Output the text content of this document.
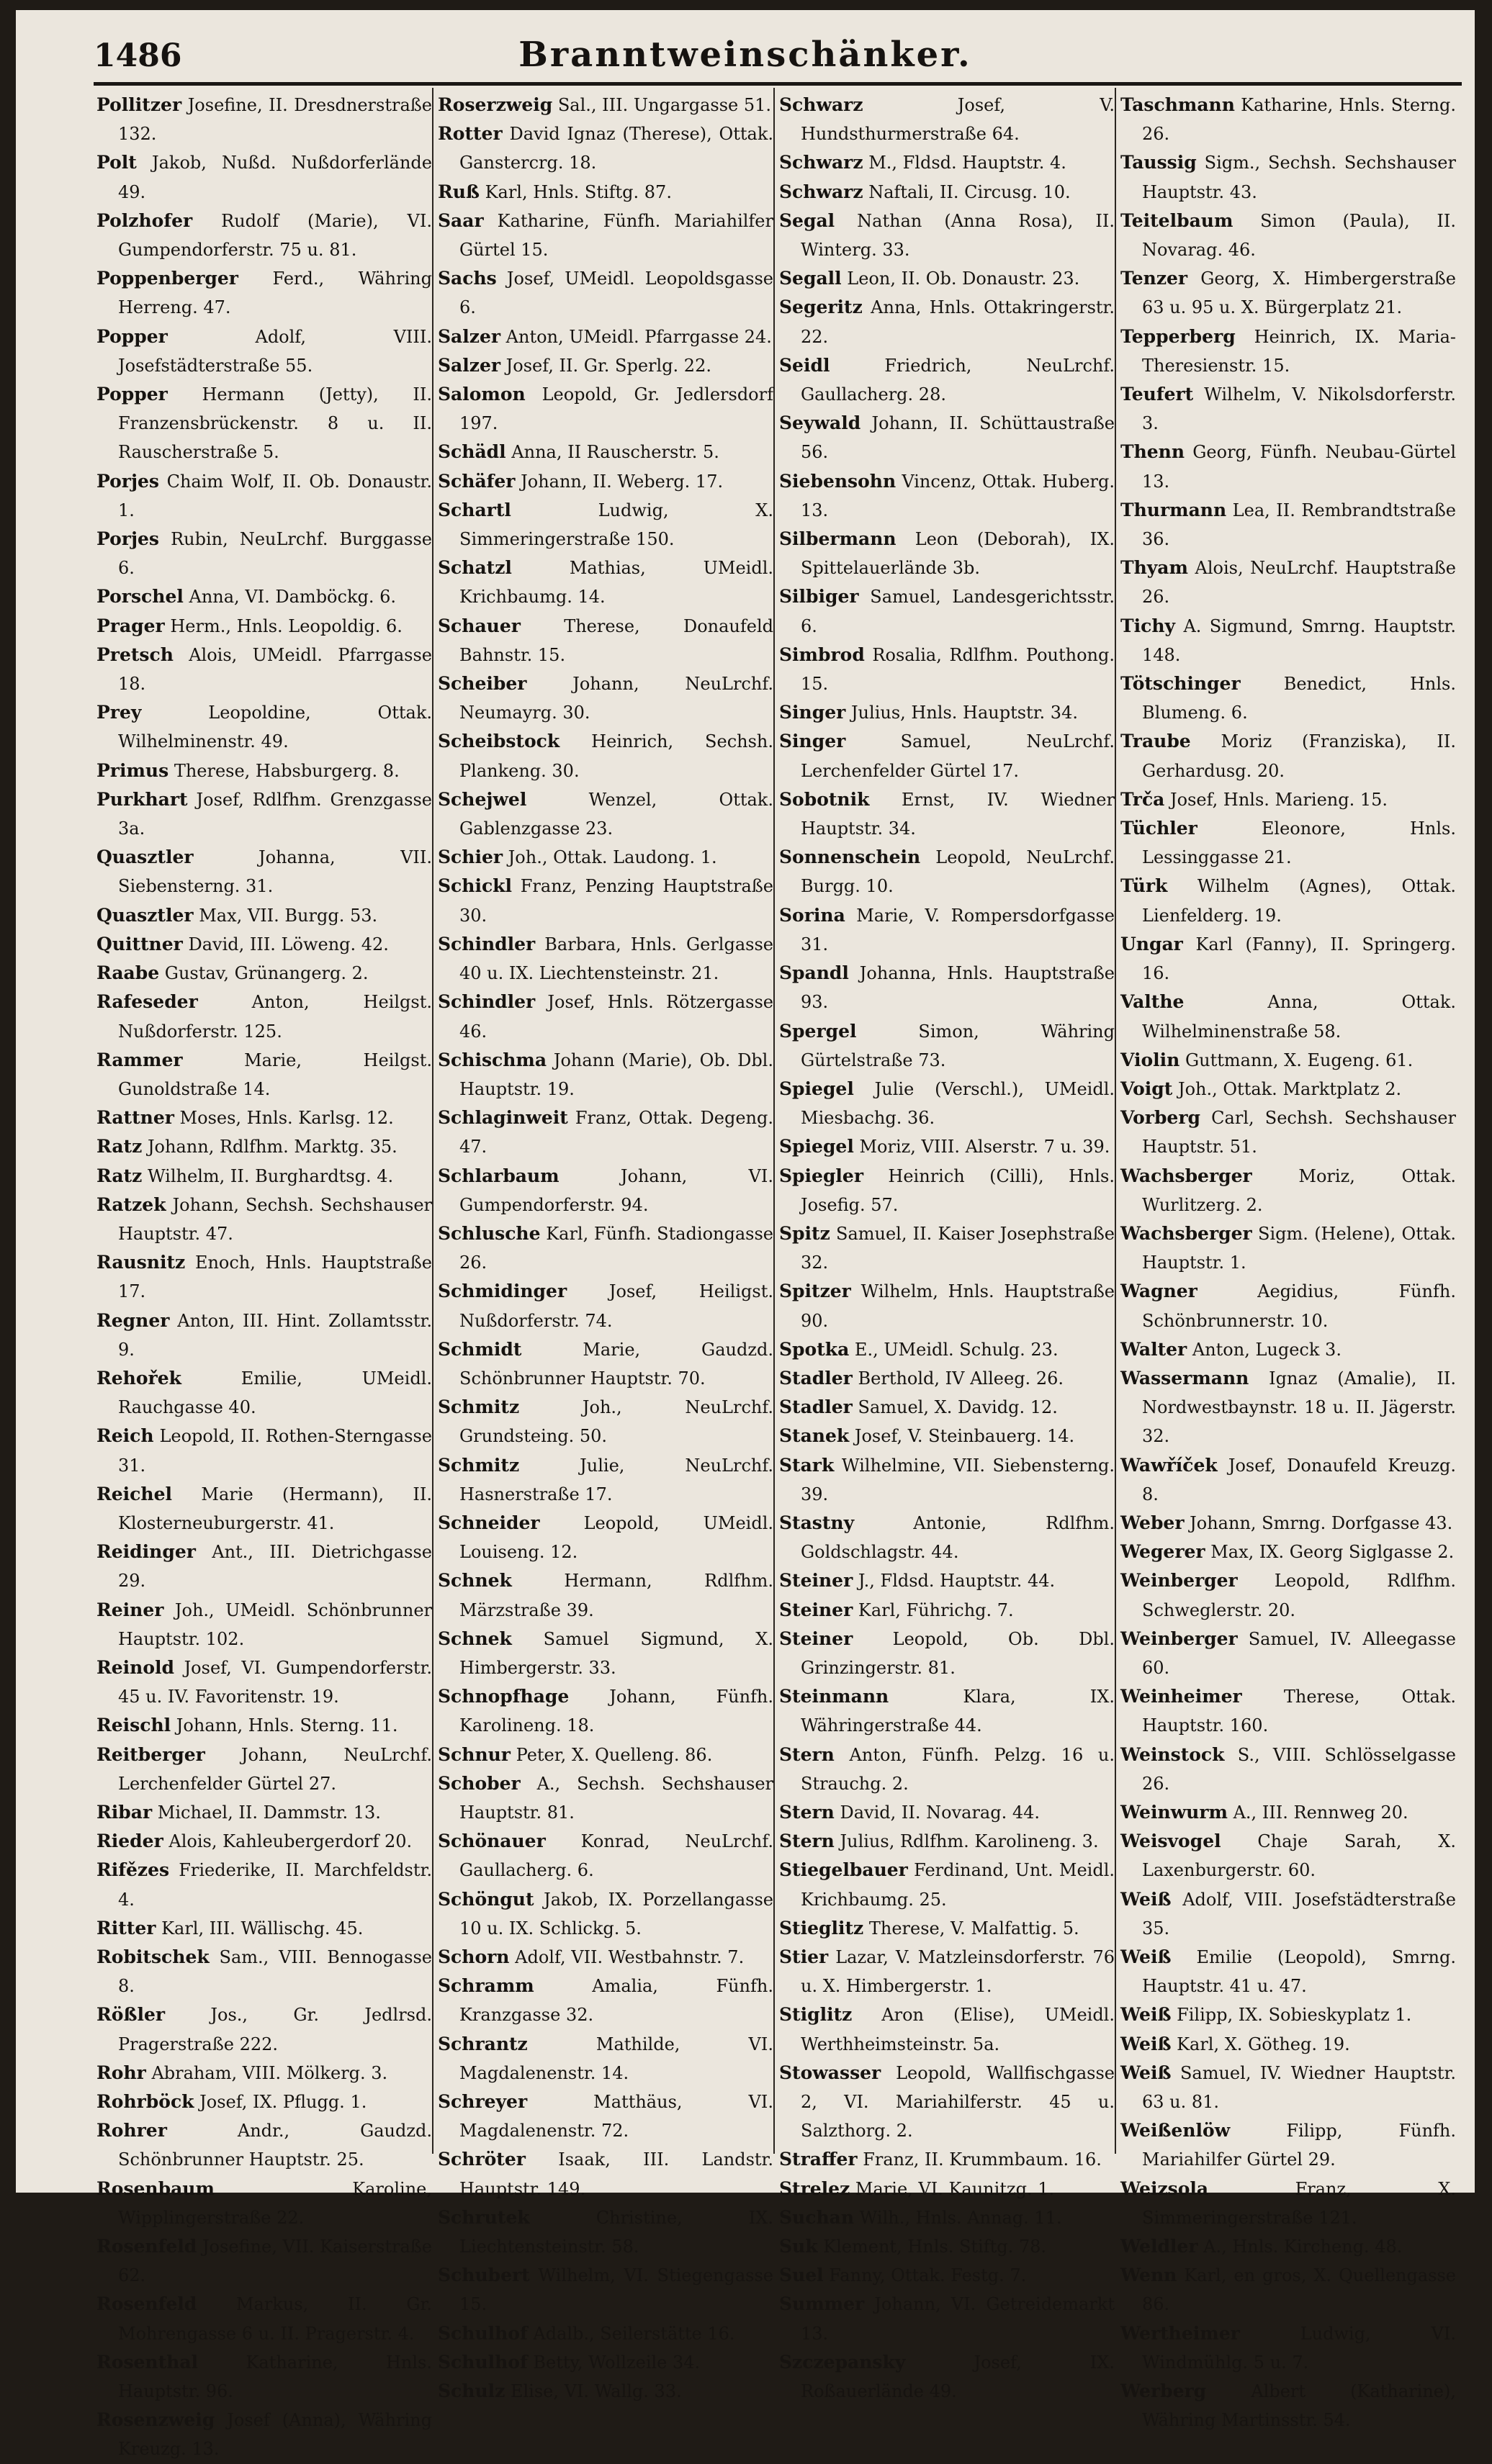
1486	Branntweinschänker.
Pollitzer Josefine, II. Dresdnerstraße 132.
Polt Jakob, Nußd. Nußdorferlände 49.
Polzhofer Rudolf (Marie), VI. Gumpendorferstr. 75 u. 81.
Poppenberger Ferd., Währing Herreng. 47.
Popper	Adolf, VIII. Josefstädterstraße 55.
Popper Hermann (Jetty), II. Franzensbrückenstr. 8 u. II. Rauscherstraße 5.
Porjes Chaim Wolf, II. Ob. Donaustr. 1.
Porjes Rubin, NeuLrchf. Burggasse 6.
Porschel Anna, VI. Damböckg. 6.
Prager Herm., Hnls. Leopoldig. 6.
Pretsch Alois, UMeidl. Pfarrgasse 18.
Prey	Leopoldine, Ottak. Wilhelminenstr. 49.
Primus Therese, Habsburgerg. 8.
Purkhart Josef, Rdlfhm. Grenzgasse 3a.
Quasztler	Johanna, VII. Siebensterng. 31.
Quasztler Max, VII. Burgg. 53.
Quittner David, III. Löweng. 42.
Raabe Gustav, Grünangerg. 2.
Rafeseder	Anton, Heilgst. Nußdorferstr. 125.
Rammer	Marie, Heilgst. Gunoldstraße 14.
Rattner Moses, Hnls. Karlsg. 12.
Ratz Johann, Rdlfhm. Marktg. 35.
Ratz Wilhelm, II. Burghardtsg. 4.
Ratzek Johann, Sechsh. Sechshauser Hauptstr. 47.
Rausnitz Enoch, Hnls. Hauptstraße 17.
Regner Anton, III. Hint. Zollamtsstr. 9.
Rehořek	Emilie, UMeidl. Rauchgasse 40.
Reich Leopold, II. Rothen-Sterngasse 31.
Reichel Marie (Hermann), II. Klosterneuburgerstr. 41.
Reidinger Ant., III. Dietrichgasse 29.
Reiner Joh., UMeidl. Schönbrunner Hauptstr. 102.
Reinold Josef, VI. Gumpendorferstr. 45 u. IV. Favoritenstr. 19.
Reischl Johann, Hnls. Sterng. 11.
Reitberger Johann, NeuLrchf. Lerchenfelder Gürtel 27.
Ribar Michael, II. Dammstr. 13.
Rieder Alois, Kahleubergerdorf 20.
Rifězes Friederike, II. Marchfeldstr. 4.
Ritter Karl, III. Wällischg. 45.
Robitschek Sam., VIII. Bennogasse 8.
Rößler	Jos., Gr. Jedlrsd. Pragerstraße 222.
Rohr Abraham, VIII. Mölkerg. 3.
Rohrböck Josef, IX. Pflugg. 1.
Rohrer	Andr., Gaudzd. Schönbrunner Hauptstr. 25.
Rosenbaum	Karoline, Wipplingerstraße 22.
Rosenfeld Josefine, VII. Kaiserstraße 62.
Rosenfeld Markus, II. Gr. Mohrengasse 6 u. II. Pragerstr. 4.
Rosenthal	Katharine, Hnls. Hauptstr. 96.
Rosenzweig Josef (Anna), Währing Kreuzg. 13.
Roserzweig Sal., III. Ungargasse 51.
Rotter David Ignaz (Therese), Ottak. Ganstercrg. 18.
Ruß Karl, Hnls. Stiftg. 87.
Saar Katharine, Fünfh. Mariahilfer Gürtel 15.
Sachs Josef, UMeidl. Leopoldsgasse 6.
Salzer Anton, UMeidl. Pfarrgasse 24.
Salzer Josef, II. Gr. Sperlg. 22.
Salomon Leopold, Gr. Jedlersdorf 197.
Schädl Anna, II Rauscherstr. 5.
Schäfer Johann, II. Weberg. 17.
Schartl	Ludwig, X. Simmeringerstraße 150.
Schatzl	Mathias, UMeidl. Krichbaumg. 14.
Schauer	Therese, Donaufeld Bahnstr. 15.
Scheiber	Johann, NeuLrchf. Neumayrg. 30.
Scheibstock Heinrich, Sechsh. Plankeng. 30.
Schejwel	Wenzel, Ottak. Gablenzgasse 23.
Schier Joh., Ottak. Laudong. 1.
Schickl Franz, Penzing Hauptstraße 30.
Schindler Barbara, Hnls. Gerlgasse 40 u. IX. Liechtensteinstr. 21.
Schindler Josef, Hnls. Rötzergasse 46.
Schischma Johann (Marie), Ob. Dbl. Hauptstr. 19.
Schlaginweit Franz, Ottak. Degeng. 47.
Schlarbaum	Johann, VI. Gumpendorferstr. 94.
Schlusche Karl, Fünfh. Stadiongasse 26.
Schmidinger Josef, Heiligst. Nußdorferstr. 74.
Schmidt	Marie, Gaudzd. Schönbrunner Hauptstr. 70.
Schmitz	Joh., NeuLrchf. Grundsteing. 50.
Schmitz	Julie, NeuLrchf. Hasnerstraße 17.
Schneider	Leopold, UMeidl. Louiseng. 12.
Schnek	Hermann, Rdlfhm. Märzstraße 39.
Schnek Samuel Sigmund, X. Himbergerstr. 33.
Schnopfhage Johann, Fünfh. Karolineng. 18.
Schnur Peter, X. Quelleng. 86.
Schober A., Sechsh. Sechshauser Hauptstr. 81.
Schönauer Konrad, NeuLrchf. Gaullacherg. 6.
Schöngut Jakob, IX. Porzellangasse 10 u. IX. Schlickg. 5.
Schorn Adolf, VII. Westbahnstr. 7.
Schramm	Amalia, Fünfh. Kranzgasse 32.
Schrantz	Mathilde, VI. Magdalenenstr. 14.
Schreyer	Matthäus, VI. Magdalenenstr. 72.
Schröter Isaak, III. Landstr. Hauptstr. 149.
Schrutek	Christine, IX. Liechtensteinstr. 58.
Schubert Wilhelm, VI. Stiegengasse 15.
Schulhof Adalb., Seilerstätte 16.
Schulhof Betty, Wollzeile 34.
Schulz Elise, VI. Wallg. 33.
Schwarz	Josef, V. Hundsthurmerstraße 64.
Schwarz M., Fldsd. Hauptstr. 4.
Schwarz Naftali, II. Circusg. 10.
Segal Nathan (Anna Rosa), II. Winterg. 33.
Segall Leon, II. Ob. Donaustr. 23.
Segeritz Anna, Hnls. Ottakringerstr. 22.
Seidl	Friedrich, NeuLrchf. Gaullacherg. 28.
Seywald Johann, II. Schüttaustraße 56.
Siebensohn Vincenz, Ottak. Huberg. 13.
Silbermann Leon (Deborah), IX. Spittelauerlände 3b.
Silbiger Samuel, Landesgerichtsstr. 6.
Simbrod Rosalia, Rdlfhm. Pouthong. 15.
Singer Julius, Hnls. Hauptstr. 34.
Singer	Samuel, NeuLrchf. Lerchenfelder Gürtel 17.
Sobotnik Ernst, IV. Wiedner Hauptstr. 34.
Sonnenschein Leopold, NeuLrchf. Burgg. 10.
Sorina Marie, V. Rompersdorfgasse 31.
Spandl Johanna, Hnls. Hauptstraße 93.
Spergel	Simon, Währing Gürtelstraße 73.
Spiegel Julie (Verschl.), UMeidl. Miesbachg. 36.
Spiegel Moriz, VIII. Alserstr. 7 u. 39.
Spiegler Heinrich (Cilli), Hnls. Josefig. 57.
Spitz Samuel, II. Kaiser Josephstraße 32.
Spitzer Wilhelm, Hnls. Hauptstraße 90.
Spotka E., UMeidl. Schulg. 23.
Stadler Berthold, IV Alleeg. 26.
Stadler Samuel, X. Davidg. 12.
Stanek Josef, V. Steinbauerg. 14.
Stark Wilhelmine, VII. Siebensterng. 39.
Stastny	Antonie, Rdlfhm. Goldschlagstr. 44.
Steiner J., Fldsd. Hauptstr. 44.
Steiner Karl, Führichg. 7.
Steiner Leopold, Ob. Dbl. Grinzingerstr. 81.
Steinmann	Klara, IX. Währingerstraße 44.
Stern Anton, Fünfh. Pelzg. 16 u. Strauchg. 2.
Stern David, II. Novarag. 44.
Stern Julius, Rdlfhm. Karolineng. 3.
Stiegelbauer Ferdinand, Unt. Meidl. Krichbaumg. 25.
Stieglitz Therese, V. Malfattig. 5.
Stier Lazar, V. Matzleinsdorferstr. 76 u. X. Himbergerstr. 1.
Stiglitz Aron (Elise), UMeidl. Werthheimsteinstr. 5a.
Stowasser Leopold, Wallfischgasse 2, VI. Mariahilferstr. 45 u. Salzthorg. 2.
Straffer Franz, II. Krummbaum. 16.
Strelez Marie, VI. Kaunitzg. 1.
Suchan Wilh., Hnls. Annag. 11.
Suk Klement, Hnls. Stiftg. 78.
Suel Fanny, Ottak. Festg. 7.
Summer Johann, VI. Getreidemarkt 13.
Szczepansky	Josef, IX. Roßauerlände 49.
Taschmann Katharine, Hnls. Sterng. 26.
Taussig Sigm., Sechsh. Sechshauser Hauptstr. 43.
Teitelbaum Simon (Paula), II. Novarag. 46.
Tenzer Georg, X. Himbergerstraße 63 u. 95 u. X. Bürgerplatz 21.
Tepperberg Heinrich, IX. Maria-Theresienstr. 15.
Teufert Wilhelm, V. Nikolsdorferstr. 3.
Thenn Georg, Fünfh. Neubau-Gürtel 13.
Thurmann Lea, II. Rembrandtstraße 36.
Thyam Alois, NeuLrchf. Hauptstraße 26.
Tichy A. Sigmund, Smrng. Hauptstr. 148.
Tötschinger	Benedict, Hnls. Blumeng. 6.
Traube Moriz (Franziska), II. Gerhardusg. 20.
Trča Josef, Hnls. Marieng. 15.
Tüchler	Eleonore, Hnls. Lessinggasse 21.
Türk Wilhelm (Agnes), Ottak. Lienfelderg. 19.
Ungar Karl (Fanny), II. Springerg. 16.
Valthe	Anna, Ottak. Wilhelminenstraße 58.
Violin Guttmann, X. Eugeng. 61.
Voigt Joh., Ottak. Marktplatz 2.
Vorberg Carl, Sechsh. Sechshauser Hauptstr. 51.
Wachsberger	Moriz, Ottak. Wurlitzerg. 2.
Wachsberger Sigm. (Helene), Ottak. Hauptstr. 1.
Wagner	Aegidius, Fünfh. Schönbrunnerstr. 10.
Walter Anton, Lugeck 3.
Wassermann Ignaz (Amalie), II. Nordwestbaynstr. 18 u. II. Jägerstr. 32.
Wawříček Josef, Donaufeld Kreuzg. 8.
Weber Johann, Smrng. Dorfgasse 43.
Wegerer Max, IX. Georg Siglgasse 2.
Weinberger Leopold, Rdlfhm. Schweglerstr. 20.
Weinberger Samuel, IV. Alleegasse 60.
Weinheimer Therese, Ottak. Hauptstr. 160.
Weinstock S., VIII. Schlösselgasse 26.
Weinwurm A., III. Rennweg 20.
Weisvogel Chaje Sarah, X. Laxenburgerstr. 60.
Weiß Adolf, VIII. Josefstädterstraße 35.
Weiß Emilie (Leopold), Smrng. Hauptstr. 41 u. 47.
Weiß Filipp, IX. Sobieskyplatz 1.
Weiß Karl, X. Götheg. 19.
Weiß Samuel, IV. Wiedner Hauptstr. 63 u. 81.
Weißenlöw	Filipp, Fünfh. Mariahilfer Gürtel 29.
Weizsola	Franz, X. Simmeringerstraße 121.
Weldler A., Hnls. Kircheng. 48.
Wenn Karl, en gros, X. Quellengasse 86.
Wertheimer	Ludwig, VI. Windmühlg. 5 u. 7.
Werberg	Albert (Katharine), Währing Martinsstr. 54.
